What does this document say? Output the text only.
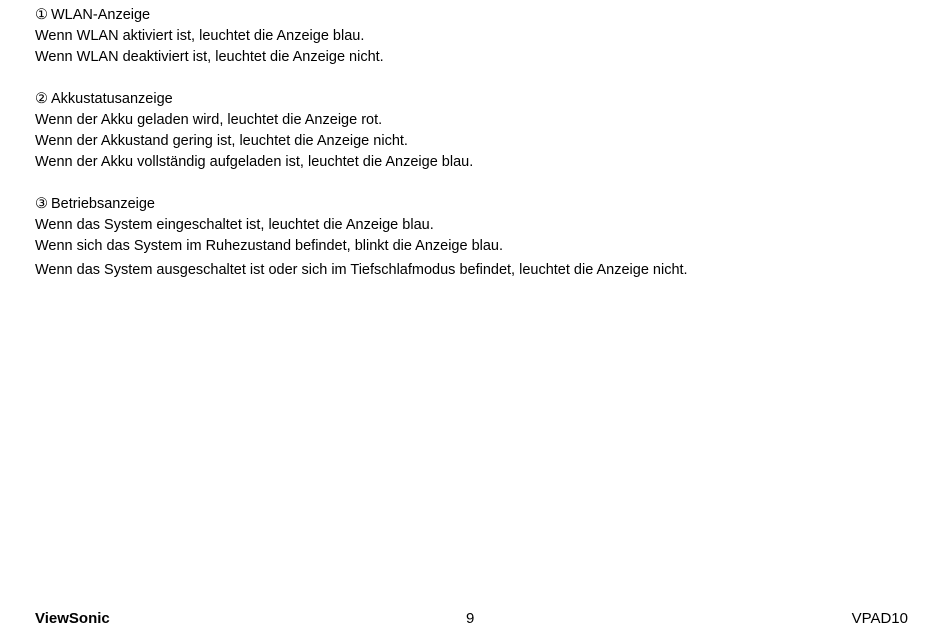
① WLAN-Anzeige
Wenn WLAN aktiviert ist, leuchtet die Anzeige blau.
Wenn WLAN deaktiviert ist, leuchtet die Anzeige nicht.
② Akkustatusanzeige
Wenn der Akku geladen wird, leuchtet die Anzeige rot.
Wenn der Akkustand gering ist, leuchtet die Anzeige nicht.
Wenn der Akku vollständig aufgeladen ist, leuchtet die Anzeige blau.
③ Betriebsanzeige
Wenn das System eingeschaltet ist, leuchtet die Anzeige blau.
Wenn sich das System im Ruhezustand befindet, blinkt die Anzeige blau.
Wenn das System ausgeschaltet ist oder sich im Tiefschlafmodus befindet, leuchtet die Anzeige nicht.
ViewSonic	9	VPAD10
